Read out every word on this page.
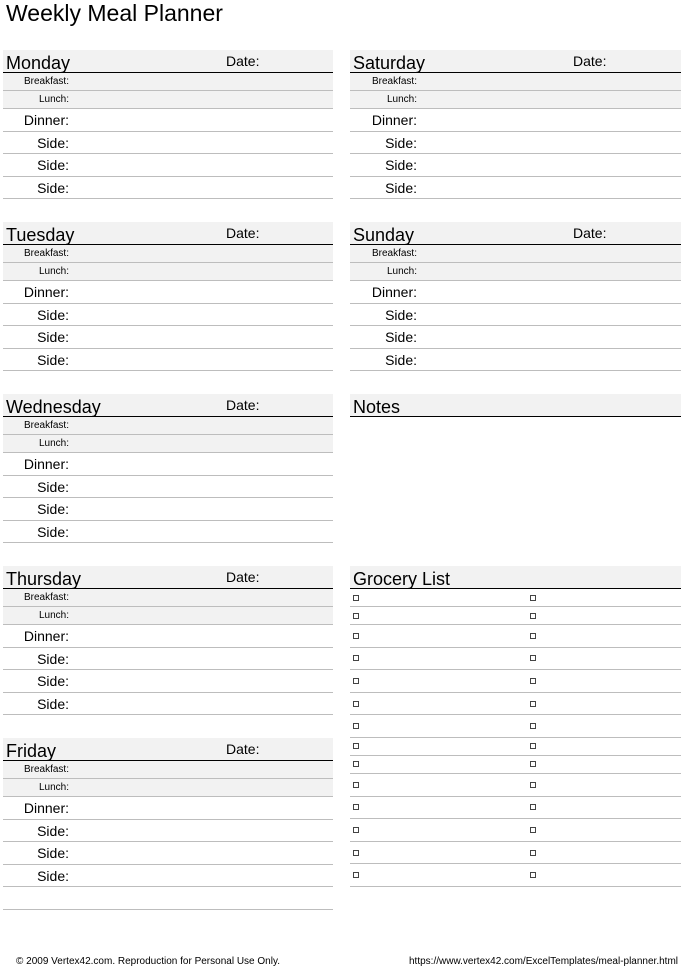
Weekly Meal Planner
Monday	Date:
Breakfast:
Lunch:
Dinner:
Side:
Side:
Side:
Tuesday	Date:
Breakfast:
Lunch:
Dinner:
Side:
Side:
Side:
Wednesday	Date:
Breakfast:
Lunch:
Dinner:
Side:
Side:
Side:
Thursday	Date:
Breakfast:
Lunch:
Dinner:
Side:
Side:
Side:
Friday	Date:
Breakfast:
Lunch:
Dinner:
Side:
Side:
Side:
Saturday	Date:
Breakfast:
Lunch:
Dinner:
Side:
Side:
Side:
Sunday	Date:
Breakfast:
Lunch:
Dinner:
Side:
Side:
Side:
Notes
Grocery List
© 2009 Vertex42.com. Reproduction for Personal Use Only.	https://www.vertex42.com/ExcelTemplates/meal-planner.html
